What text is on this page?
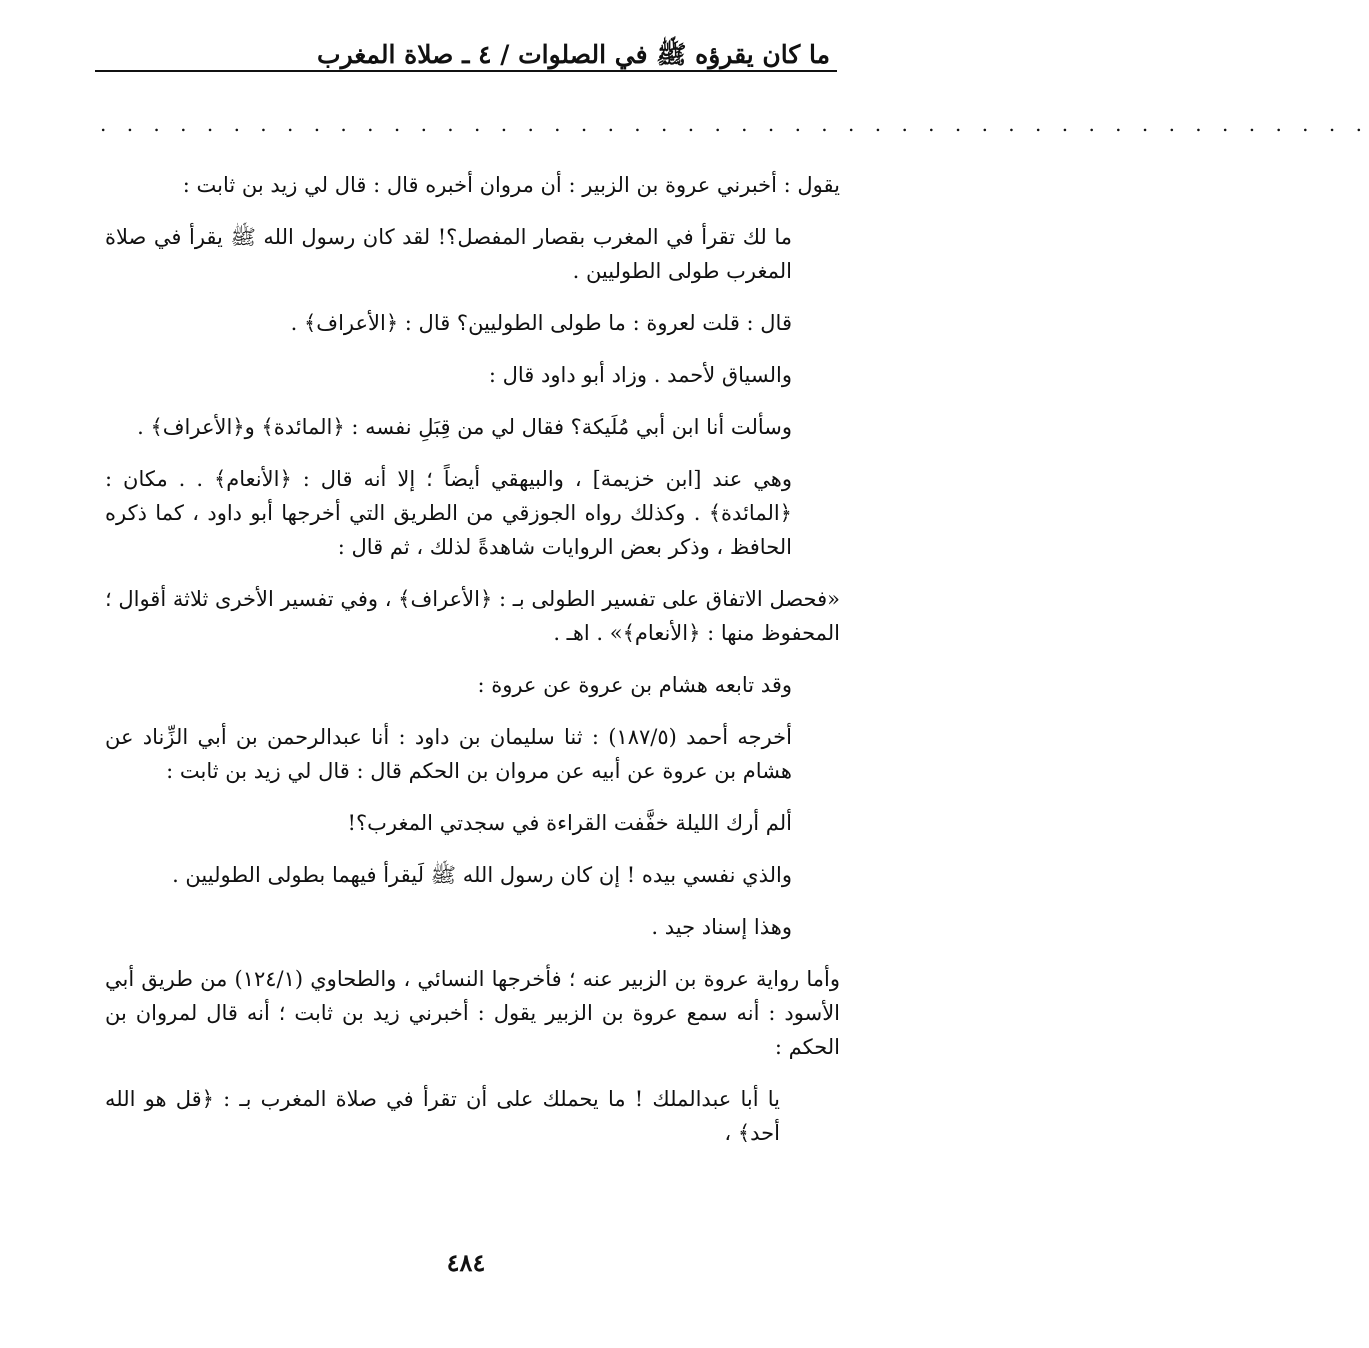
ما كان يقرؤه ﷺ في الصلوات / ٤ ـ صلاة المغرب
. . . . . . . . . . . . . . . . . . . . . . . . . . . . . . . . . . . . . . . . . . . . . . . .

يقول : أخبرني عروة بن الزبير : أن مروان أخبره قال : قال لي زيد بن ثابت :

ما لك تقرأ في المغرب بقصار المفصل؟! لقد كان رسول الله ﷺ يقرأ في صلاة المغرب طولى الطوليين .

قال : قلت لعروة : ما طولى الطوليين؟ قال : ﴿الأعراف﴾ .

والسياق لأحمد . وزاد أبو داود قال :

وسألت أنا ابن أبي مُلَيكة؟ فقال لي من قِبَلِ نفسه : ﴿المائدة﴾ و﴿الأعراف﴾ .

وهي عند [ابن خزيمة] ، والبيهقي أيضاً ؛ إلا أنه قال : ﴿الأنعام﴾ . . مكان : ﴿المائدة﴾ . وكذلك رواه الجوزقي من الطريق التي أخرجها أبو داود ، كما ذكره الحافظ ، وذكر بعض الروايات شاهدةً لذلك ، ثم قال :

«فحصل الاتفاق على تفسير الطولى بـ : ﴿الأعراف﴾ ، وفي تفسير الأخرى ثلاثة أقوال ؛ المحفوظ منها : ﴿الأنعام﴾» . اهـ .

وقد تابعه هشام بن عروة عن عروة :

أخرجه أحمد (١٨٧/٥) : ثنا سليمان بن داود : أنا عبدالرحمن بن أبي الزِّناد عن هشام بن عروة عن أبيه عن مروان بن الحكم قال : قال لي زيد بن ثابت :

ألم أرك الليلة خفَّفت القراءة في سجدتي المغرب؟!

والذي نفسي بيده ! إن كان رسول الله ﷺ لَيقرأ فيهما بطولى الطوليين .

وهذا إسناد جيد .

وأما رواية عروة بن الزبير عنه ؛ فأخرجها النسائي ، والطحاوي (١٢٤/١) من طريق أبي الأسود : أنه سمع عروة بن الزبير يقول : أخبرني زيد بن ثابت ؛ أنه قال لمروان بن الحكم :

يا أبا عبدالملك ! ما يحملك على أن تقرأ في صلاة المغرب بـ : ﴿قل هو الله أحد﴾ ،

٤٨٤
